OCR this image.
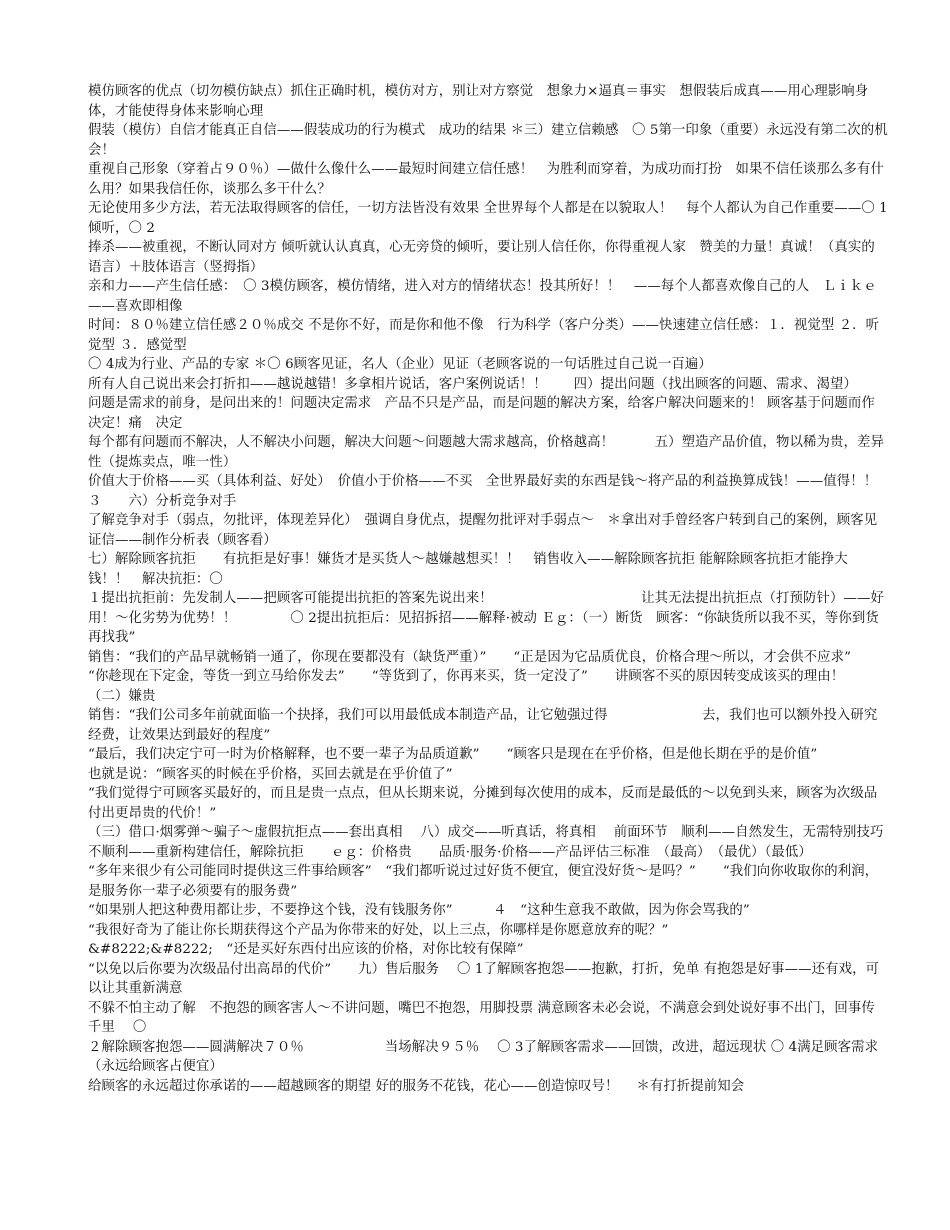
模仿顾客的优点（切勿模仿缺点）抓住正确时机，模仿对方，别让对方察觉　想象力×逼真＝事实　想假装后成真——用心理影响身体，才能使得身体来影响心理

假装（模仿）自信才能真正自信——假装成功的行为模式　成功的结果 ＊三）建立信赖感　〇 5第一印象（重要）永远没有第二次的机会！

重视自己形象（穿着占９０％）—做什么像什么——最短时间建立信任感！　为胜利而穿着，为成功而打扮　如果不信任谈那么多有什么用？如果我信任你，谈那么多干什么？

无论使用多少方法，若无法取得顾客的信任，一切方法皆没有效果 全世界每个人都是在以貌取人！　每个人都认为自己作重要——〇 1倾听，〇 2

捧杀——被重视，不断认同对方 倾听就认认真真，心无旁贷的倾听，要让别人信任你，你得重视人家　赞美的力量！真诚！（真实的语言）＋肢体语言（竖拇指）

亲和力——产生信任感：　〇 3模仿顾客，模仿情绪，进入对方的情绪状态！投其所好！！　——每个人都喜欢像自己的人　Ｌｉｋｅ——喜欢即相像

时间：８０％建立信任感２０％成交 不是你不好，而是你和他不像　行为科学（客户分类）——快速建立信任感：１．视觉型 ２．听觉型 ３．感觉型

〇 4成为行业、产品的专家 ＊〇 6顾客见证，名人（企业）见证（老顾客说的一句话胜过自己说一百遍）

所有人自己说出来会打折扣——越说越错！多拿相片说话，客户案例说话！！　　四）提出问题（找出顾客的问题、需求、渴望）

问题是需求的前身，是问出来的！问题决定需求　产品不只是产品，而是问题的解决方案，给客户解决问题来的！ 顾客基于问题而作决定！痛　决定

每个都有问题而不解决，人不解决小问题，解决大问题～问题越大需求越高，价格越高！　　　五）塑造产品价值，物以稀为贵，差异性（提炼卖点，唯一性）

价值大于价格——买（具体利益、好处）　价值小于价格——不买　全世界最好卖的东西是钱～将产品的利益换算成钱！——值得！！　　３　　六）分析竞争对手

了解竞争对手（弱点，勿批评，体现差异化）　强调自身优点，提醒勿批评对手弱点～　＊拿出对手曾经客户转到自己的案例，顾客见证信——制作分析表（顾客看）

七）解除顾客抗拒　　有抗拒是好事！嫌货才是买货人～越嫌越想买！！　销售收入——解除顾客抗拒 能解除顾客抗拒才能挣大钱！！　解决抗拒：〇

１提出抗拒前：先发制人——把顾客可能提出抗拒的答案先说出来！　　　　　　　　　　　让其无法提出抗拒点（打预防针）——好用！～化劣势为优势！！　　　　〇 2提出抗拒后：见招拆招——解释·被动 Ｅｇ：（一）断货　顾客：“你缺货所以我不买，等你到货再找我”

销售：“我们的产品早就畅销一通了，你现在要都没有（缺货严重）”　　“正是因为它品质优良，价格合理～所以，才会供不应求”

“你趁现在下定金，等货一到立马给你发去”　　“等货到了，你再来买，货一定没了”　　讲顾客不买的原因转变成该买的理由！　　　（二）嫌贵

销售：“我们公司多年前就面临一个抉择，我们可以用最低成本制造产品，让它勉强过得　　　　　　　去，我们也可以额外投入研究经费，让效果达到最好的程度”

“最后，我们决定宁可一时为价格解释，也不要一辈子为品质道歉”　　“顾客只是现在在乎价格，但是他长期在乎的是价值”

也就是说：“顾客买的时候在乎价格，买回去就是在乎价值了”

“我们觉得宁可顾客买最好的，而且是贵一点点，但从长期来说，分摊到每次使用的成本，反而是最低的～以免到头来，顾客为次级品付出更昂贵的代价！”

（三）借口·烟雾弹～骗子～虚假抗拒点——套出真相　 八）成交——听真话，将真相　 前面环节　顺利——自然发生，无需特别技巧

不顺利——重新构建信任，解除抗拒　　ｅｇ：价格贵　　品质·服务·价格——产品评估三标准　（最高）　（最优）（最低）

“多年来很少有公司能同时提供这三件事给顾客”　“我们都听说过过好货不便宜，便宜没好货～是吗？”　　“我们向你收取你的利润，是服务你一辈子必须要有的服务费”

“如果别人把这种费用都让步，不要挣这个钱，没有钱服务你”　　　４　“这种生意我不敢做，因为你会骂我的”

“我很好奇为了能让你长期获得这个产品为你带来的好处，以上三点，你哪样是你愿意放弃的呢？”

&#8222;&#8222;　“还是买好东西付出应该的价格，对你比较有保障”

“以免以后你要为次级品付出高昂的代价”　　九）售后服务　 〇 1了解顾客抱怨——抱歉，打折，免单 有抱怨是好事——还有戏，可以让其重新满意

不躲不怕主动了解　不抱怨的顾客害人～不讲问题，嘴巴不抱怨，用脚投票 满意顾客未必会说，不满意会到处说好事不出门，回事传千里　 〇

２解除顾客抱怨——圆满解决７０％　　　　　　当场解决９５％　 〇 3了解顾客需求——回馈，改进，超远现状 〇 4满足顾客需求（永远给顾客占便宜）

给顾客的永远超过你承诺的——超越顾客的期望 好的服务不花钱，花心——创造惊叹号！　 ＊有打折提前知会
